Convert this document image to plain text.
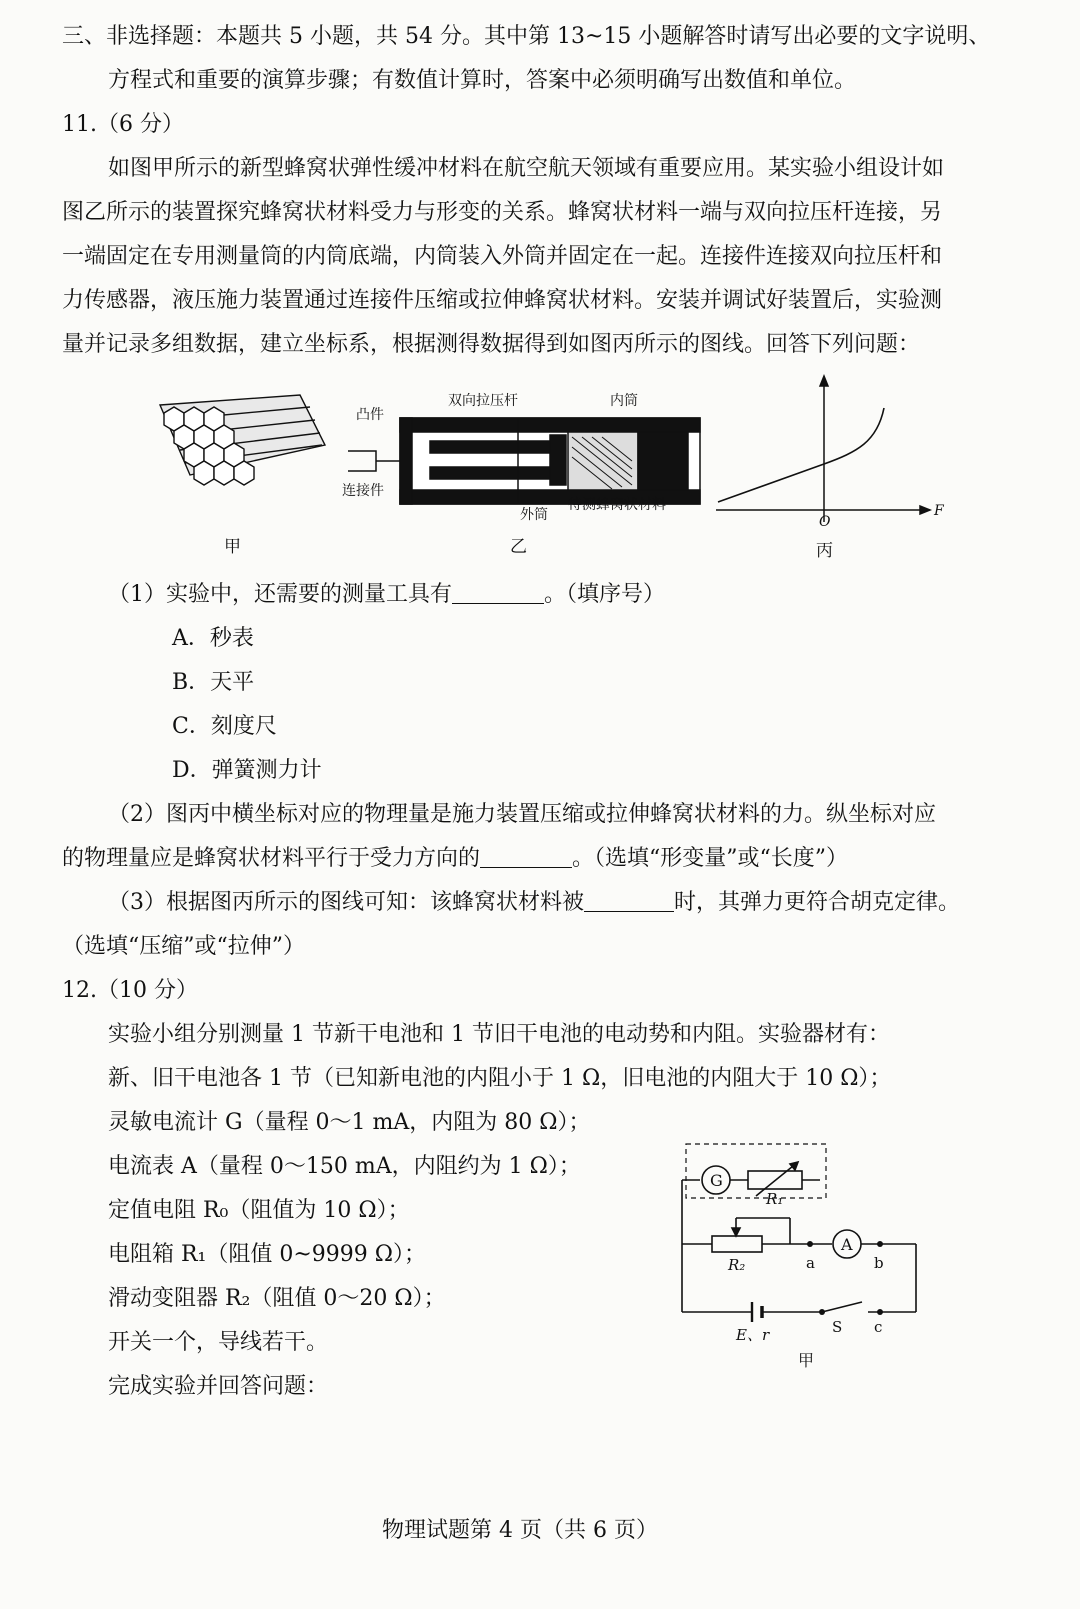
三、非选择题：本题共 5 小题，共 54 分。其中第 13~15 小题解答时请写出必要的文字说明、
方程式和重要的演算步骤；有数值计算时，答案中必须明确写出数值和单位。
11.（6 分）
如图甲所示的新型蜂窝状弹性缓冲材料在航空航天领域有重要应用。某实验小组设计如
图乙所示的装置探究蜂窝状材料受力与形变的关系。蜂窝状材料一端与双向拉压杆连接，另
一端固定在专用测量筒的内筒底端，内筒装入外筒并固定在一起。连接件连接双向拉压杆和
力传感器，液压施力装置通过连接件压缩或拉伸蜂窝状材料。安装并调试好装置后，实验测
量并记录多组数据，建立坐标系，根据测得数据得到如图丙所示的图线。回答下列问题：
甲
凸件
双向拉压杆	内筒
连接件
外筒
待测蜂窝状材料
乙
O
F
丙
（1）实验中，还需要的测量工具有	。（填序号）
A．秒表
B．天平
C．刻度尺
D．弹簧测力计
（2）图丙中横坐标对应的物理量是施力装置压缩或拉伸蜂窝状材料的力。纵坐标对应
的物理量应是蜂窝状材料平行于受力方向的	。（选填“形变量”或“长度”）
（3）根据图丙所示的图线可知：该蜂窝状材料被	时，其弹力更符合胡克定律。
（选填“压缩”或“拉伸”）
12.（10 分）
实验小组分别测量 1 节新干电池和 1 节旧干电池的电动势和内阻。实验器材有：
新、旧干电池各 1 节（已知新电池的内阻小于 1 Ω，旧电池的内阻大于 10 Ω）；
灵敏电流计 G（量程 0～1 mA，内阻为 80 Ω）；
电流表 A（量程 0～150 mA，内阻约为 1 Ω）；
定值电阻 R₀（阻值为 10 Ω）；
电阻箱 R₁（阻值 0~9999 Ω）；
滑动变阻器 R₂（阻值 0～20 Ω）；
开关一个，导线若干。
完成实验并回答问题：
G
R₁
R₂
A
a	b
S c
E、r
甲
物理试题第 4 页（共 6 页）
